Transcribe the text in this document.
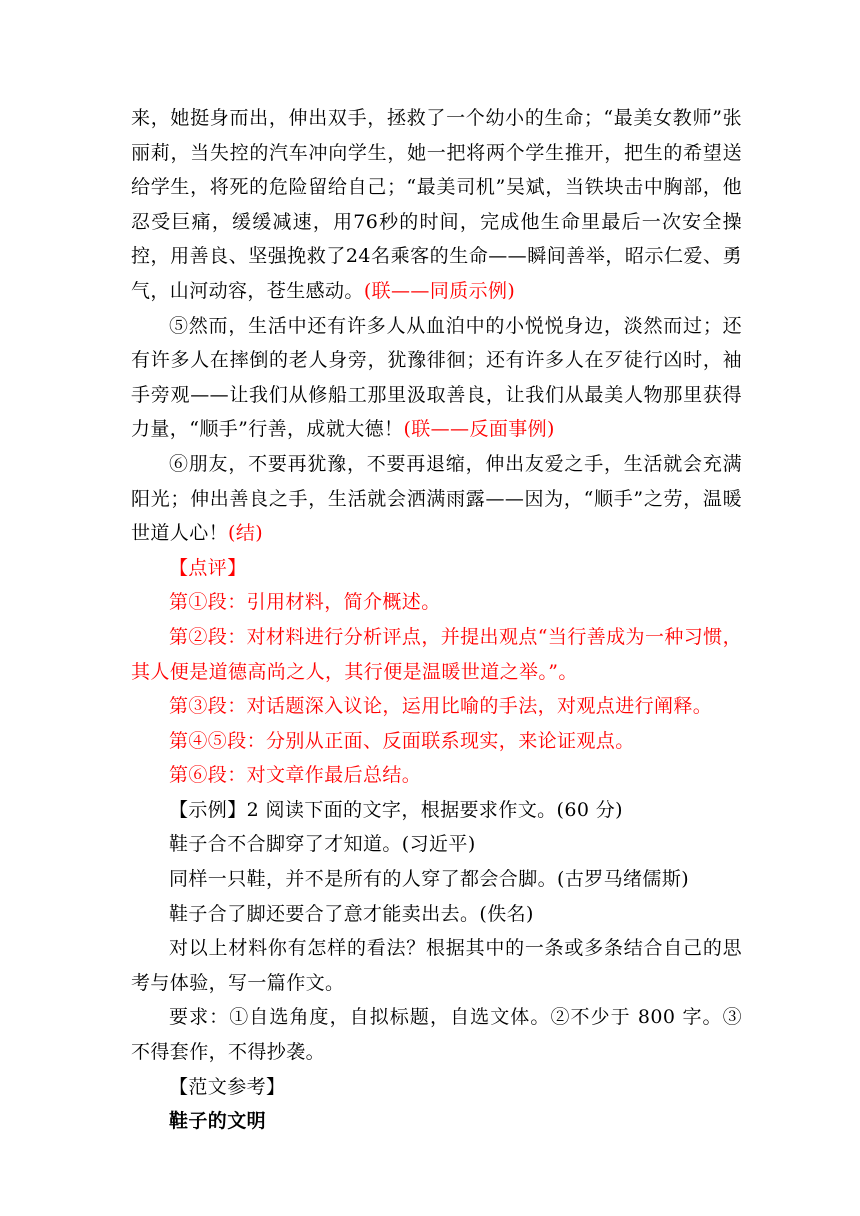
来，她挺身而出，伸出双手，拯救了一个幼小的生命；“最美女教师”张丽莉，当失控的汽车冲向学生，她一把将两个学生推开，把生的希望送给学生，将死的危险留给自己；“最美司机”吴斌，当铁块击中胸部，他忍受巨痛，缓缓减速，用76秒的时间，完成他生命里最后一次安全操控，用善良、坚强挽救了24名乘客的生命——瞬间善举，昭示仁爱、勇气，山河动容，苍生感动。(联——同质示例)

⑤然而，生活中还有许多人从血泊中的小悦悦身边，淡然而过；还有许多人在摔倒的老人身旁，犹豫徘徊；还有许多人在歹徒行凶时，袖手旁观——让我们从修船工那里汲取善良，让我们从最美人物那里获得力量，“顺手”行善，成就大德！(联——反面事例)

⑥朋友，不要再犹豫，不要再退缩，伸出友爱之手，生活就会充满阳光；伸出善良之手，生活就会洒满雨露——因为，“顺手”之劳，温暖世道人心！(结)

【点评】

第①段：引用材料，简介概述。

第②段：对材料进行分析评点，并提出观点“当行善成为一种习惯，其人便是道德高尚之人，其行便是温暖世道之举。”。

第③段：对话题深入议论，运用比喻的手法，对观点进行阐释。

第④⑤段：分别从正面、反面联系现实，来论证观点。

第⑥段：对文章作最后总结。

【示例】2 阅读下面的文字，根据要求作文。(60 分)

鞋子合不合脚穿了才知道。(习近平)

同样一只鞋，并不是所有的人穿了都会合脚。(古罗马绪儒斯)

鞋子合了脚还要合了意才能卖出去。(佚名)

对以上材料你有怎样的看法？根据其中的一条或多条结合自己的思考与体验，写一篇作文。

要求：①自选角度，自拟标题，自选文体。②不少于 800 字。③不得套作，不得抄袭。

【范文参考】

鞋子的文明
